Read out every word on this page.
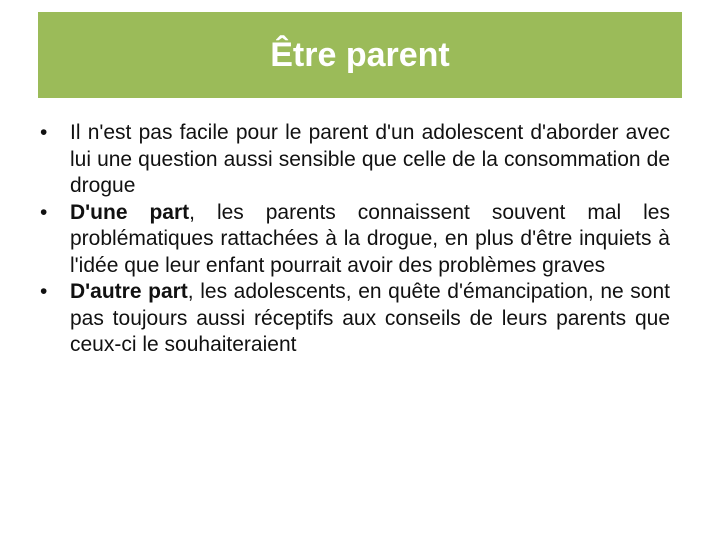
Être parent
• Il n'est pas facile pour le parent d'un adolescent d'aborder avec lui une question aussi sensible que celle de la consommation de drogue
• D'une part, les parents connaissent souvent mal les problématiques rattachées à la drogue, en plus d'être inquiets à l'idée que leur enfant pourrait avoir des problèmes graves
• D'autre part, les adolescents, en quête d'émancipation, ne sont pas toujours aussi réceptifs aux conseils de leurs parents que ceux-ci le souhaiteraient
